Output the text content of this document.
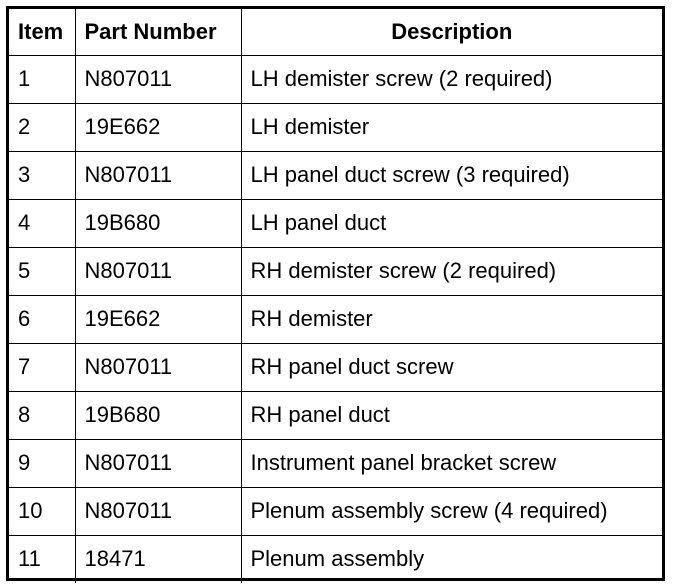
Item	Part Number	Description
1	N807011	LH demister screw (2 required)
2	19E662	LH demister
3	N807011	LH panel duct screw (3 required)
4	19B680	LH panel duct
5	N807011	RH demister screw (2 required)
6	19E662	RH demister
7	N807011	RH panel duct screw
8	19B680	RH panel duct
9	N807011	Instrument panel bracket screw
10	N807011	Plenum assembly screw (4 required)
11	18471	Plenum assembly
